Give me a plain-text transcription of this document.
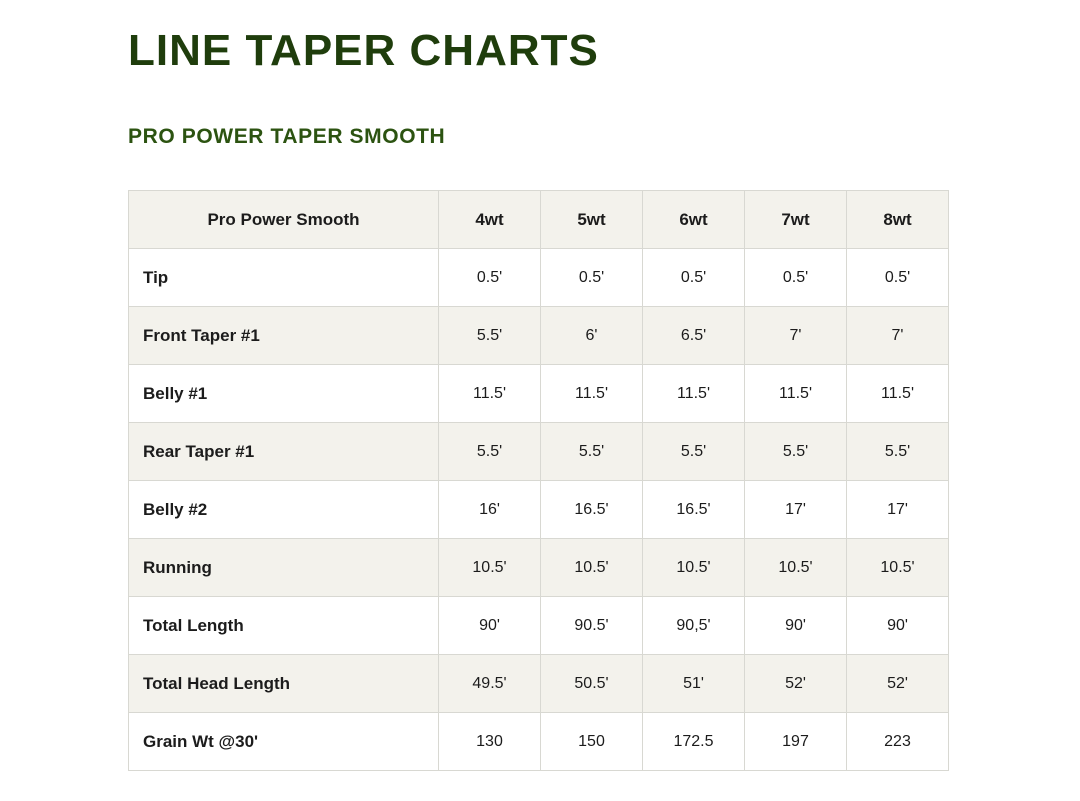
LINE TAPER CHARTS
PRO POWER TAPER SMOOTH
Pro Power Smooth	4wt	5wt	6wt	7wt	8wt
Tip	0.5'	0.5'	0.5'	0.5'	0.5'
Front Taper #1	5.5'	6'	6.5'	7'	7'
Belly #1	11.5'	11.5'	11.5'	11.5'	11.5'
Rear Taper #1	5.5'	5.5'	5.5'	5.5'	5.5'
Belly #2	16'	16.5'	16.5'	17'	17'
Running	10.5'	10.5'	10.5'	10.5'	10.5'
Total Length	90'	90.5'	90,5'	90'	90'
Total Head Length	49.5'	50.5'	51'	52'	52'
Grain Wt @30'	130	150	172.5	197	223
